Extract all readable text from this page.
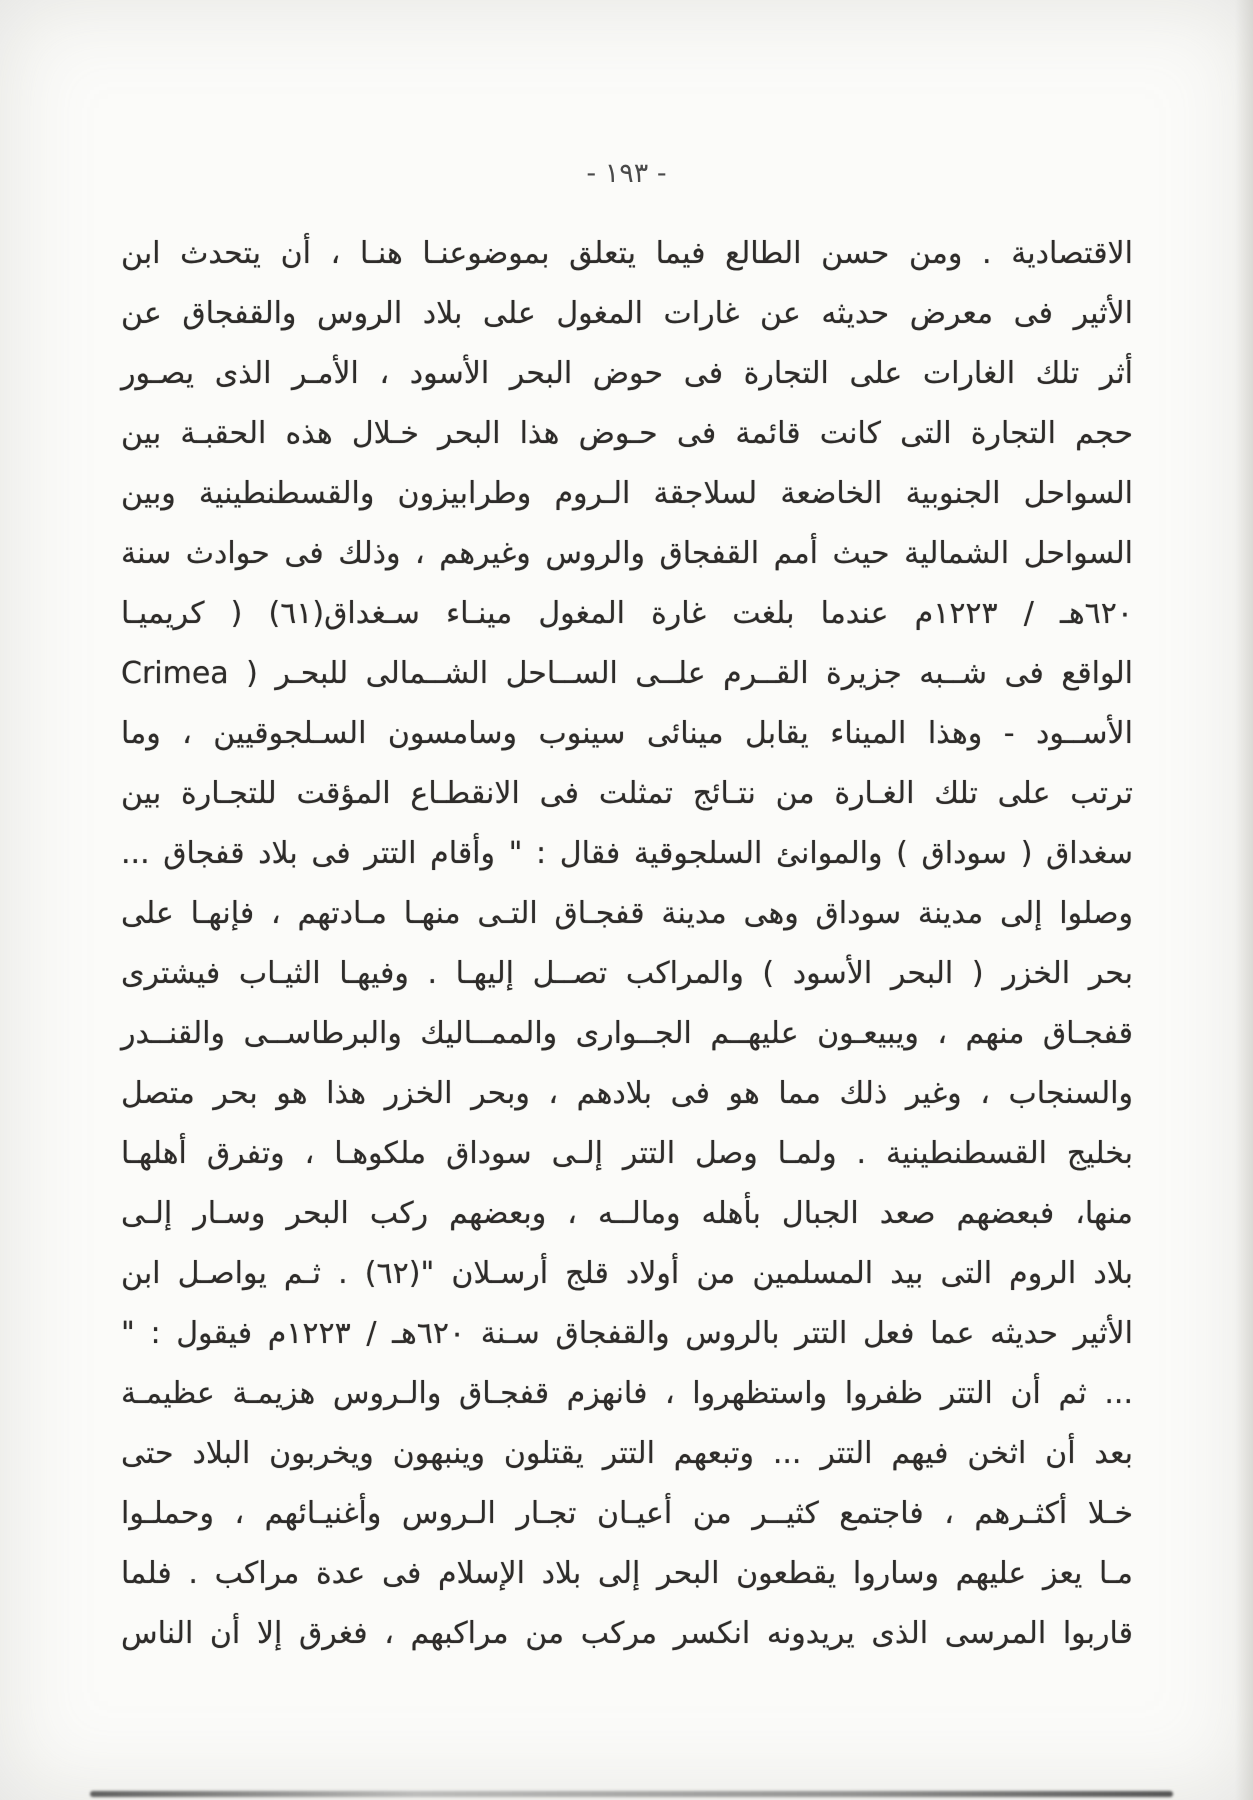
- ١٩٣ -
الاقتصادية . ومن حسن الطالع فيما يتعلق بموضوعنـا هنـا ، أن يتحدث ابن
الأثير فى معرض حديثه عن غارات المغول على بلاد الروس والقفجاق عن
أثر تلك الغارات على التجارة فى حوض البحر الأسود ، الأمـر الذى يصـور
حجم التجارة التى كانت قائمة فى حـوض هذا البحر خـلال هذه الحقبـة بين
السواحل الجنوبية الخاضعة لسلاجقة الـروم وطرابيزون والقسطنطينية وبين
السواحل الشمالية حيث أمم القفجاق والروس وغيرهم ، وذلك فى حوادث سنة
٦٢٠هـ / ١٢٢٣م عندما بلغت غارة المغول مينـاء سـغداق(٦١) ( كريميـا
الواقع فى شــبه جزيرة القــرم علــى الســاحل الشــمالى للبحـر ( Crimea
الأســود - وهذا الميناء يقابل مينائى سينوب وسامسون السـلجوقيين ، وما
ترتب على تلك الغـارة من نتـائج تمثلت فى الانقطـاع المؤقت للتجـارة بين
سغداق ( سوداق ) والموانئ السلجوقية فقال : " وأقام التتر فى بلاد قفجاق ...
وصلوا إلى مدينة سوداق وهى مدينة قفجـاق التـى منهـا مـادتهم ، فإنهـا على
بحر الخزر ( البحر الأسود ) والمراكب تصــل إليهـا . وفيهـا الثيـاب فيشترى
قفجـاق منهم ، ويبيعـون عليهــم الجــوارى والممــاليك والبرطاســى والقنــدر
والسنجاب ، وغير ذلك مما هو فى بلادهم ، وبحر الخزر هذا هو بحر متصل
بخليج القسطنطينية . ولمـا وصل التتر إلـى سوداق ملكوهـا ، وتفرق أهلهـا
منها، فبعضهم صعد الجبال بأهله ومالــه ، وبعضهم ركب البحر وسـار إلـى
بلاد الروم التى بيد المسلمين من أولاد قلج أرسـلان "(٦٢) . ثـم يواصـل ابن
الأثير حديثه عما فعل التتر بالروس والقفجاق سـنة ٦٢٠هـ / ١٢٢٣م فيقول : "
... ثم أن التتر ظفروا واستظهروا ، فانهزم قفجـاق والـروس هزيمـة عظيمـة
بعد أن اثخن فيهم التتر ... وتبعهم التتر يقتلون وينبهون ويخربون البلاد حتى
خـلا أكثـرهم ، فاجتمع كثيــر من أعيـان تجـار الـروس وأغنيـائهم ، وحملـوا
مـا يعز عليهم وساروا يقطعون البحر إلى بلاد الإسلام فى عدة مراكب . فلما
قاربوا المرسى الذى يريدونه انكسر مركب من مراكبهم ، فغرق إلا أن الناس
